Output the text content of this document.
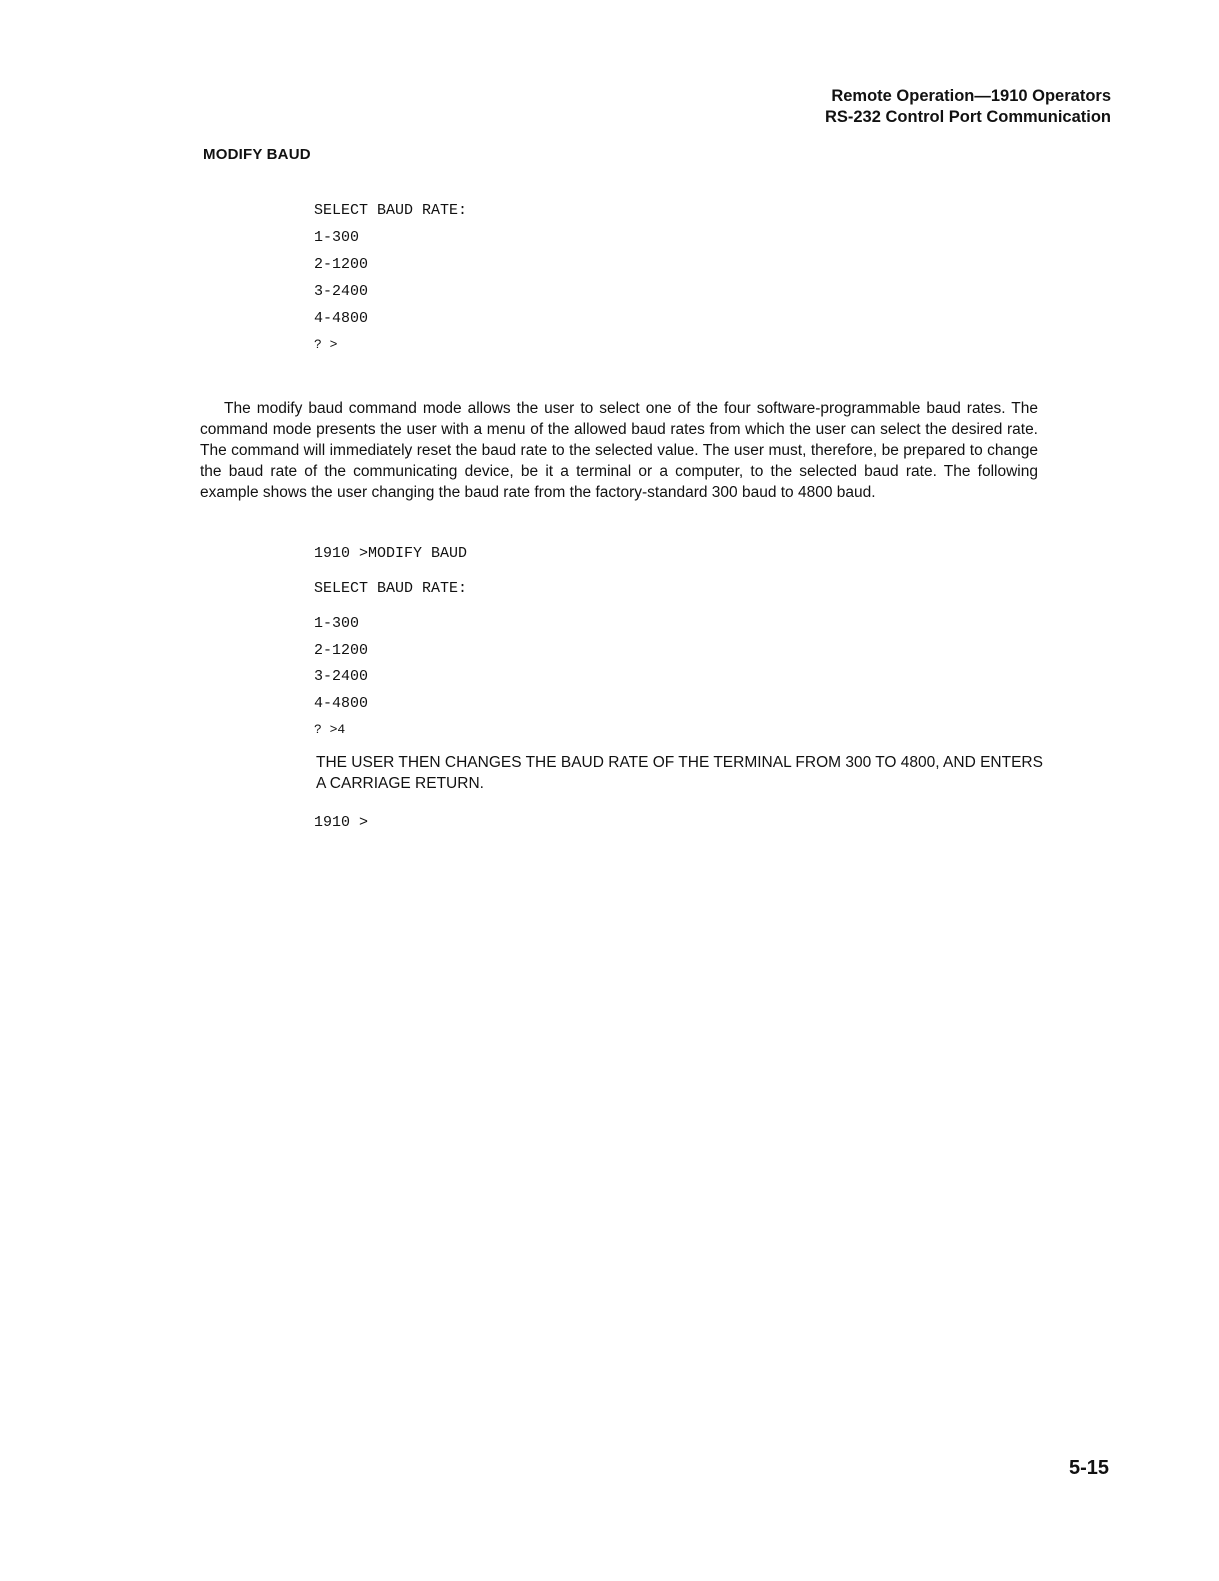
Remote Operation—1910 Operators
RS-232 Control Port Communication
MODIFY BAUD
SELECT BAUD RATE:
1-300
2-1200
3-2400
4-4800
? >

The modify baud command mode allows the user to select one of the four software-programmable baud rates. The command mode presents the user with a menu of the allowed baud rates from which the user can select the desired rate. The command will immediately reset the baud rate to the selected value. The user must, therefore, be prepared to change the baud rate of the communicating device, be it a terminal or a computer, to the selected baud rate. The following example shows the user changing the baud rate from the factory-standard 300 baud to 4800 baud.

1910 >MODIFY BAUD
SELECT BAUD RATE:
1-300
2-1200
3-2400
4-4800
? >4
THE USER THEN CHANGES THE BAUD RATE OF THE TERMINAL FROM 300 TO 4800, AND ENTERS A CARRIAGE RETURN.
1910 >
5-15
